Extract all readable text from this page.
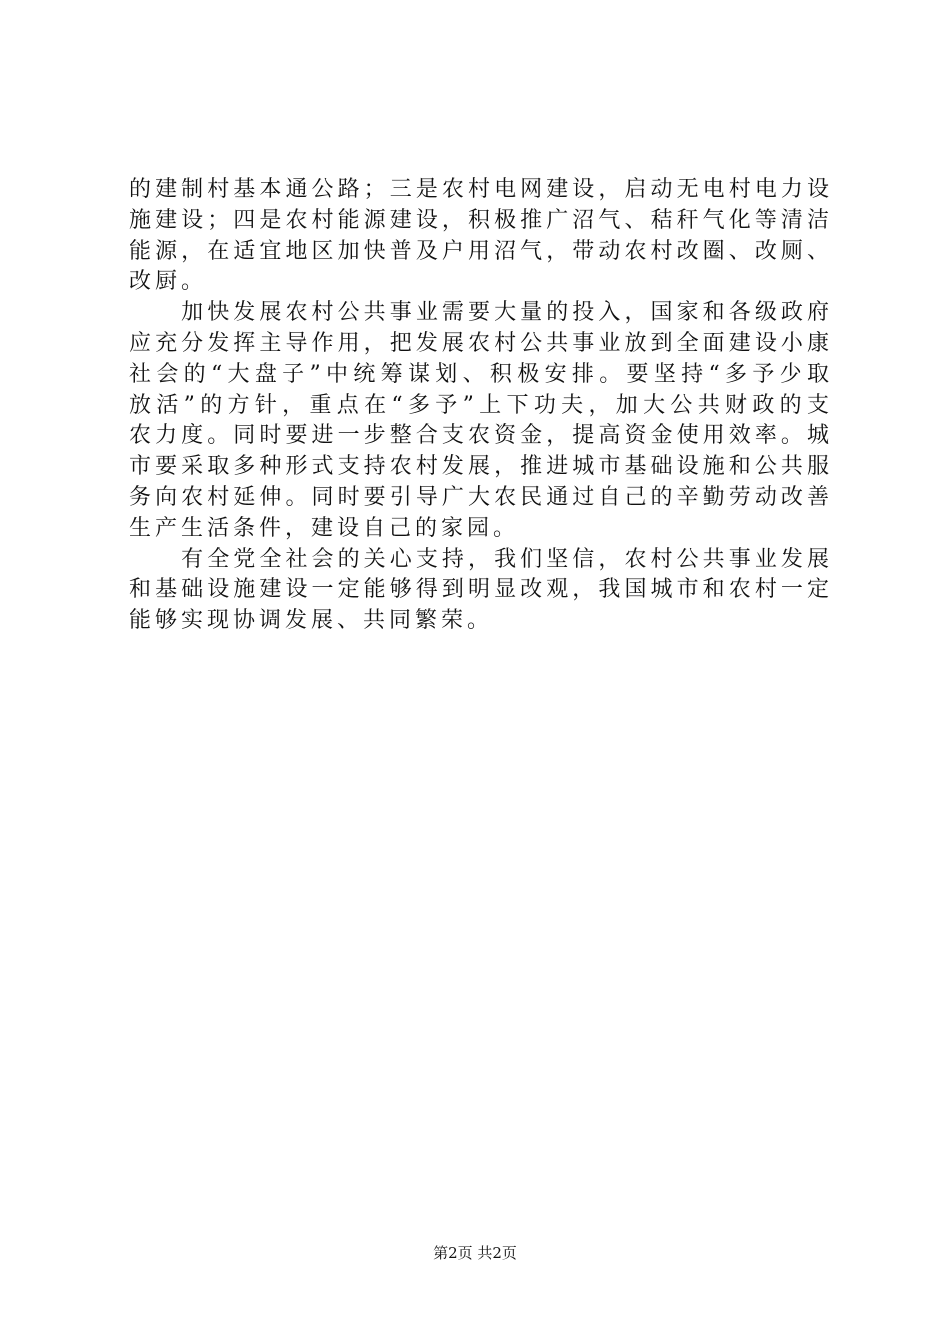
的建制村基本通公路；三是农村电网建设，启动无电村电力设
施建设；四是农村能源建设，积极推广沼气、秸秆气化等清洁
能源，在适宜地区加快普及户用沼气，带动农村改圈、改厕、
改厨。
　　加快发展农村公共事业需要大量的投入，国家和各级政府
应充分发挥主导作用，把发展农村公共事业放到全面建设小康
社会的“大盘子”中统筹谋划、积极安排。要坚持“多予少取
放活”的方针，重点在“多予”上下功夫，加大公共财政的支
农力度。同时要进一步整合支农资金，提高资金使用效率。城
市要采取多种形式支持农村发展，推进城市基础设施和公共服
务向农村延伸。同时要引导广大农民通过自己的辛勤劳动改善
生产生活条件，建设自己的家园。
　　有全党全社会的关心支持，我们坚信，农村公共事业发展
和基础设施建设一定能够得到明显改观，我国城市和农村一定
能够实现协调发展、共同繁荣。
第2页 共2页
